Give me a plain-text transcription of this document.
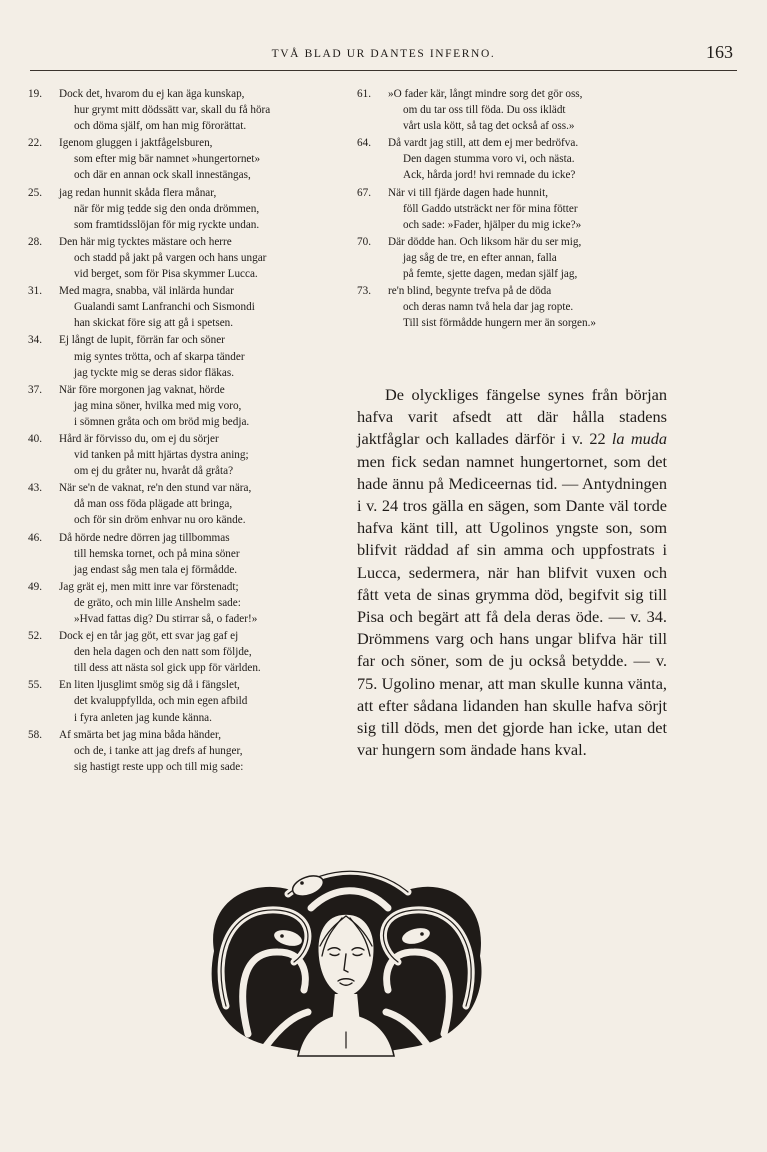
TVÅ BLAD UR DANTES INFERNO.	163
19. Dock det, hvarom du ej kan äga kunskap,
hur grymt mitt dödssätt var, skall du få höra
och döma själf, om han mig förorättat.
22. Igenom gluggen i jaktfågelsburen,
som efter mig bär namnet »hungertornet»
och där en annan ock skall innestängas,
25. jag redan hunnit skåda flera månar,
när för mig ṭedde sig den onda drömmen,
som framtidsslöjan för mig ryckte undan.
28. Den här mig tycktes mästare och herre
och stadd på jakt på vargen och hans ungar
vid berget, som för Pisa skymmer Lucca.
31. Med magra, snabba, väl inlärda hundar
Gualandi samt Lanfranchi och Sismondi
han skickat före sig att gå i spetsen.
34. Ej långt de lupit, förrän far och söner
mig syntes trötta, och af skarpa tänder
jag tyckte mig se deras sidor fläkas.
37. När före morgonen jag vaknat, hörde
jag mina söner, hvilka med mig voro,
i sömnen gråta och om bröd mig bedja.
40. Hård är förvisso du, om ej du sörjer
vid tanken på mitt hjärtas dystra aning;
om ej du gråter nu, hvaråt då gråta?
43. När se'n de vaknat, re'n den stund var nära,
då man oss föda plägade att bringa,
och för sin dröm enhvar nu oro kände.
46. Då hörde nedre dörren jag tillbommas
till hemska tornet, och på mina söner
jag endast såg men tala ej förmådde.
49. Jag grät ej, men mitt inre var förstenadt;
de gräto, och min lille Anshelm sade:
»Hvad fattas dig? Du stirrar så, o fader!»
52. Dock ej en tår jag göt, ett svar jag gaf ej
den hela dagen och den natt som följde,
till dess att nästa sol gick upp för världen.
55. En liten ljusglimt smög sig då i fängslet,
det kvaluppfyllda, och min egen afbild
i fyra anleten jag kunde känna.
58. Af smärta bet jag mina båda händer,
och de, i tanke att jag drefs af hunger,
sig hastigt reste upp och till mig sade:
61. »O fader kär, långt mindre sorg det gör oss,
om du tar oss till föda. Du oss iklädt
vårt usla kött, så tag det också af oss.»
64. Då vardt jag still, att dem ej mer bedröfva.
Den dagen stumma voro vi, och nästa.
Ack, hårda jord! hvi remnade du icke?
67. När vi till fjärde dagen hade hunnit,
föll Gaddo utsträckt ner för mina fötter
och sade: »Fader, hjälper du mig icke?»
70. Där dödde han. Och liksom här du ser mig,
jag såg de tre, en efter annan, falla
på femte, sjette dagen, medan själf jag,
73. re'n blind, begynte trefva på de döda
och deras namn två hela dar jag ropte.
Till sist förmådde hungern mer än sorgen.»

De olyckliges fängelse synes från början hafva varit afsedt att där hålla stadens jaktfåglar och kallades därför i v. 22 la muda men fick sedan namnet hungertornet, som det hade ännu på Mediceernas tid. — Antydningen i v. 24 tros gälla en sägen, som Dante väl torde hafva känt till, att Ugolinos yngste son, som blifvit räddad af sin amma och uppfostrats i Lucca, sedermera, när han blifvit vuxen och fått veta de sinas grymma död, begifvit sig till Pisa och begärt att få dela deras öde. — v. 34. Drömmens varg och hans ungar blifva här till far och söner, som de ju också betydde. — v. 75. Ugolino menar, att man skulle kunna vänta, att efter sådana lidanden han skulle hafva sörjt sig till döds, men det gjorde han icke, utan det var hungern som ändade hans kval.
